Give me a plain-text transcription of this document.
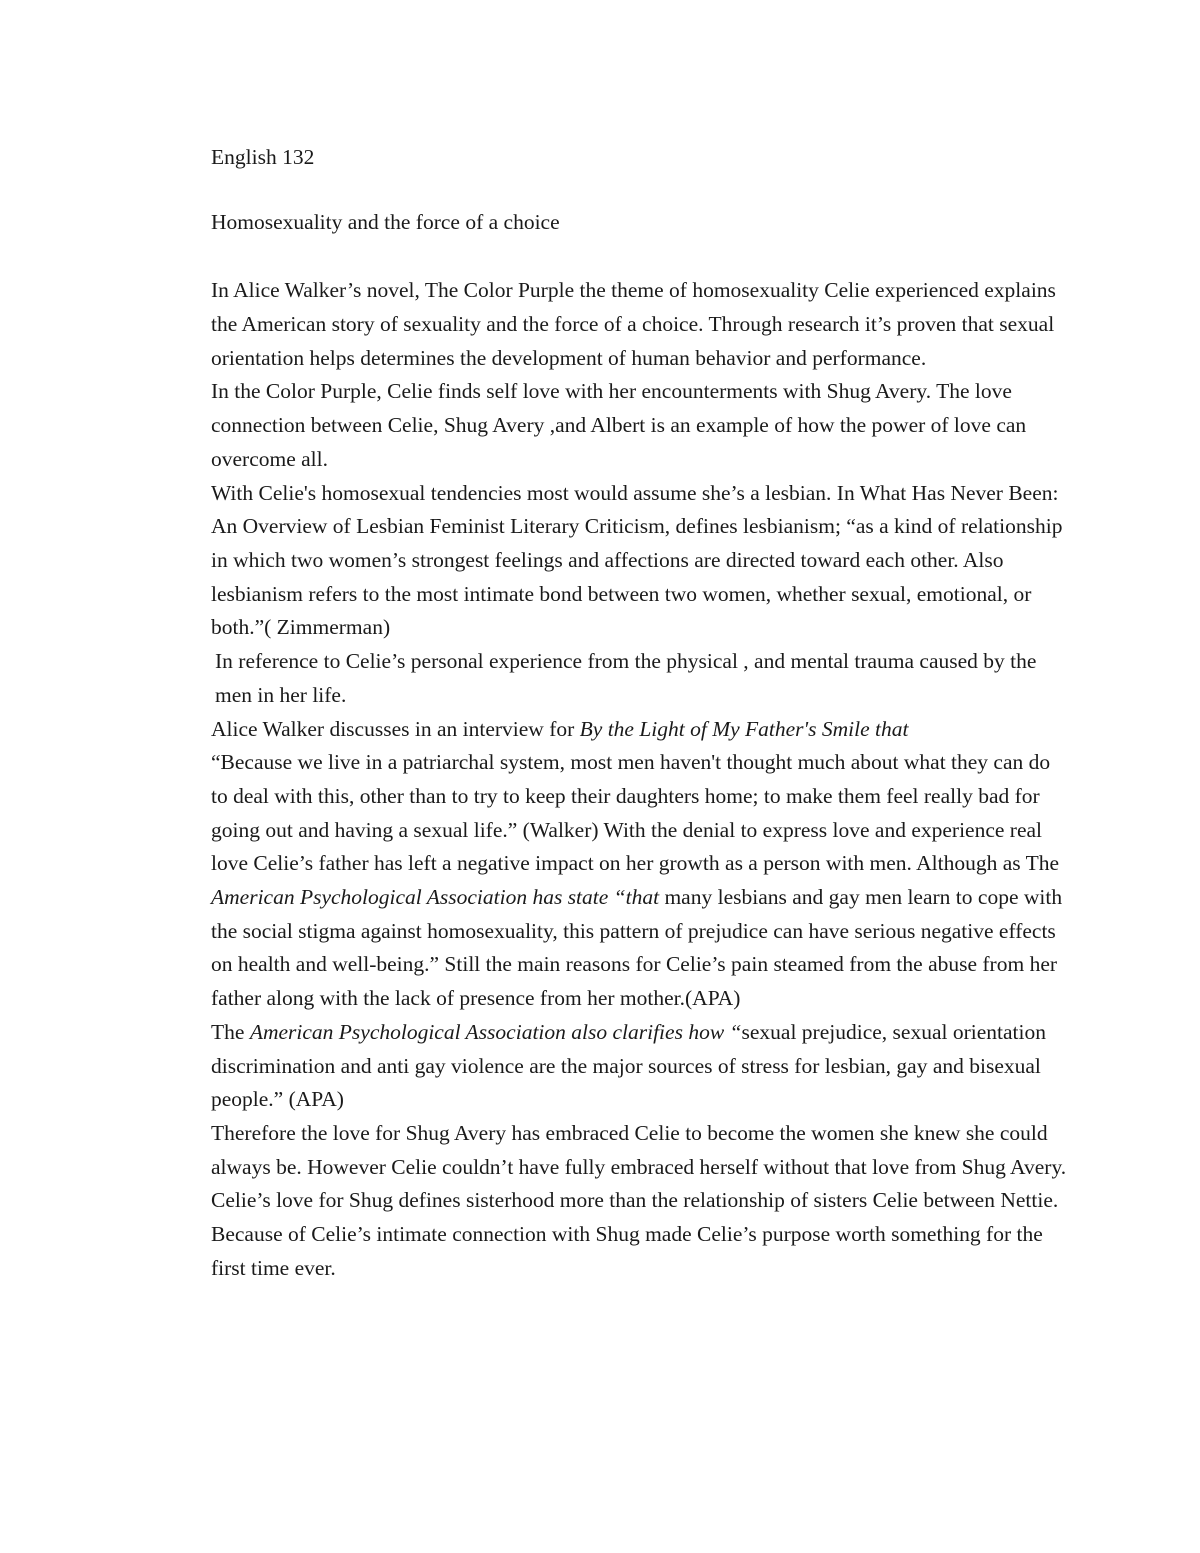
English 132

Homosexuality and the force of a choice

In Alice Walker’s novel, The Color Purple the theme of homosexuality Celie experienced explains the American story of sexuality and the force of a choice. Through research it’s proven that sexual orientation helps determines the development of human behavior and performance.

In the Color Purple, Celie finds self love with her encounterments with Shug Avery. The love connection between Celie, Shug Avery ,and Albert is an example of how the power of love can overcome all.

With Celie's homosexual tendencies most would assume she’s a lesbian. In What Has Never Been: An Overview of Lesbian Feminist Literary Criticism, defines lesbianism; “as a kind of relationship in which two women’s strongest feelings and affections are directed toward each other. Also lesbianism refers to the most intimate bond between two women, whether sexual, emotional, or both.”( Zimmerman)

In reference to Celie’s personal experience from the physical , and mental trauma caused by the men in her life.

Alice Walker discusses in an interview for By the Light of My Father's Smile that

“Because we live in a patriarchal system, most men haven't thought much about what they can do to deal with this, other than to try to keep their daughters home; to make them feel really bad for going out and having a sexual life.” (Walker) With the denial to express love and experience real love Celie’s father has left a negative impact on her growth as a person with men. Although as The American Psychological Association has state “that many lesbians and gay men learn to cope with the social stigma against homosexuality, this pattern of prejudice can have serious negative effects on health and well-being.” Still the main reasons for Celie’s pain steamed from the abuse from her father along with the lack of presence from her mother.(APA)

The American Psychological Association also clarifies how “sexual prejudice, sexual orientation discrimination and anti gay violence are the major sources of stress for lesbian, gay and bisexual people.” (APA)

Therefore the love for Shug Avery has embraced Celie to become the women she knew she could always be. However Celie couldn’t have fully embraced herself without that love from Shug Avery. Celie’s love for Shug defines sisterhood more than the relationship of sisters Celie between Nettie. Because of Celie’s intimate connection with Shug made Celie’s purpose worth something for the first time ever.
